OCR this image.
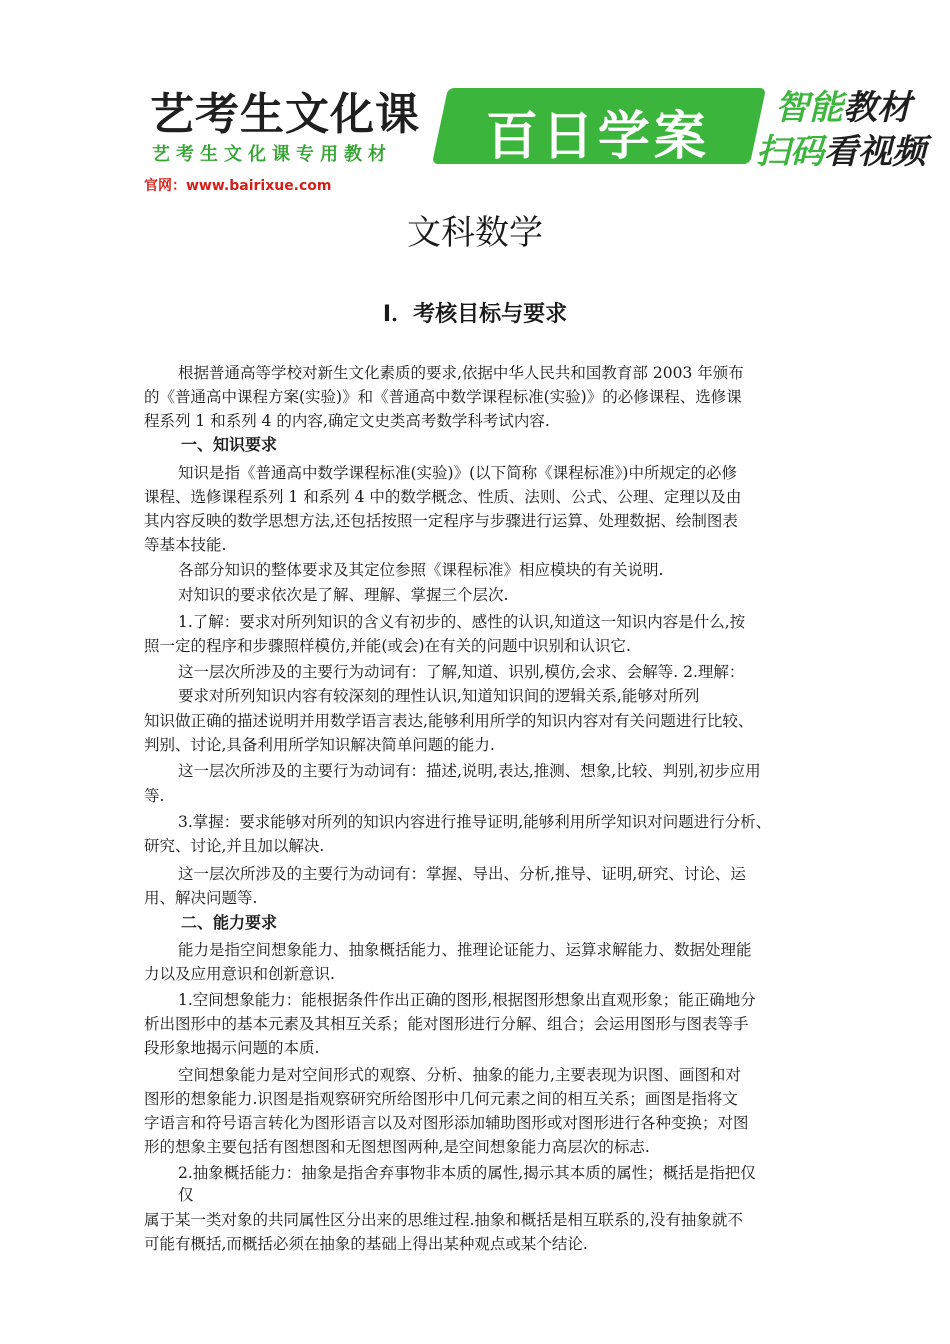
艺考生文化课
艺考生文化课专用教材	百日学案	智能教材
扫码看视频
官网：www.bairixue.com
文科数学
I．考核目标与要求
根据普通高等学校对新生文化素质的要求,依据中华人民共和国教育部 2003 年颁布
的《普通高中课程方案(实验)》和《普通高中数学课程标准(实验)》的必修课程、选修课
程系列 1 和系列 4 的内容,确定文史类高考数学科考试内容.
一、知识要求
知识是指《普通高中数学课程标准(实验)》(以下简称《课程标准》)中所规定的必修
课程、选修课程系列 1 和系列 4 中的数学概念、性质、法则、公式、公理、定理以及由
其内容反映的数学思想方法,还包括按照一定程序与步骤进行运算、处理数据、绘制图表
等基本技能.
各部分知识的整体要求及其定位参照《课程标准》相应模块的有关说明.
对知识的要求依次是了解、理解、掌握三个层次.
1.了解：要求对所列知识的含义有初步的、感性的认识,知道这一知识内容是什么,按
照一定的程序和步骤照样模仿,并能(或会)在有关的问题中识别和认识它.
这一层次所涉及的主要行为动词有：了解,知道、识别,模仿,会求、会解等. 2.理解：
要求对所列知识内容有较深刻的理性认识,知道知识间的逻辑关系,能够对所列
知识做正确的描述说明并用数学语言表达,能够利用所学的知识内容对有关问题进行比较、
判别、讨论,具备利用所学知识解决简单问题的能力.
这一层次所涉及的主要行为动词有：描述,说明,表达,推测、想象,比较、判别,初步应用
等.
3.掌握：要求能够对所列的知识内容进行推导证明,能够利用所学知识对问题进行分析、
研究、讨论,并且加以解决.
这一层次所涉及的主要行为动词有：掌握、导出、分析,推导、证明,研究、讨论、运
用、解决问题等.
二、能力要求
能力是指空间想象能力、抽象概括能力、推理论证能力、运算求解能力、数据处理能
力以及应用意识和创新意识.
1.空间想象能力：能根据条件作出正确的图形,根据图形想象出直观形象；能正确地分
析出图形中的基本元素及其相互关系；能对图形进行分解、组合；会运用图形与图表等手
段形象地揭示问题的本质.
空间想象能力是对空间形式的观察、分析、抽象的能力,主要表现为识图、画图和对
图形的想象能力.识图是指观察研究所给图形中几何元素之间的相互关系；画图是指将文
字语言和符号语言转化为图形语言以及对图形添加辅助图形或对图形进行各种变换；对图
形的想象主要包括有图想图和无图想图两种,是空间想象能力高层次的标志.
2.抽象概括能力：抽象是指舍弃事物非本质的属性,揭示其本质的属性；概括是指把仅
仅
属于某一类对象的共同属性区分出来的思维过程.抽象和概括是相互联系的,没有抽象就不
可能有概括,而概括必须在抽象的基础上得出某种观点或某个结论.
